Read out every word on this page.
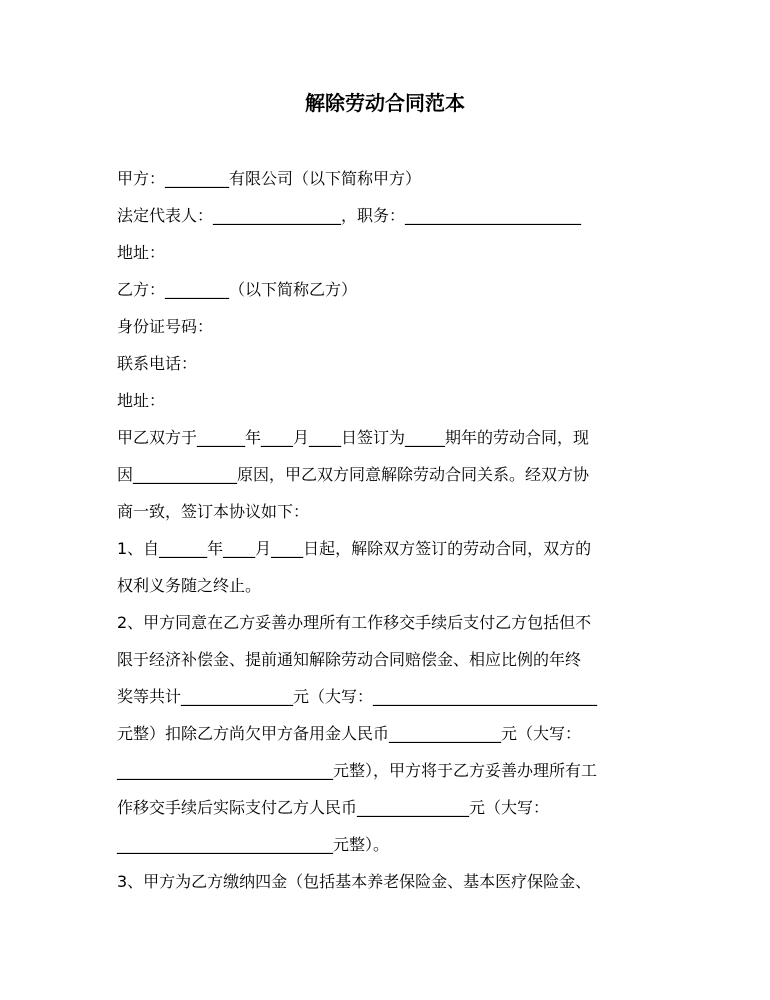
解除劳动合同范本
甲方：________有限公司（以下简称甲方）
法定代表人：________________，职务：______________________
地址：
乙方：________（以下简称乙方）
身份证号码：
联系电话：
地址：
甲乙双方于______年____月____日签订为_____期年的劳动合同，现
因_____________原因，甲乙双方同意解除劳动合同关系。经双方协
商一致，签订本协议如下：
1、自______年____月____日起，解除双方签订的劳动合同，双方的
权利义务随之终止。
2、甲方同意在乙方妥善办理所有工作移交手续后支付乙方包括但不
限于经济补偿金、提前通知解除劳动合同赔偿金、相应比例的年终
奖等共计______________元（大写：____________________________
元整）扣除乙方尚欠甲方备用金人民币______________元（大写：
___________________________元整），甲方将于乙方妥善办理所有工
作移交手续后实际支付乙方人民币______________元（大写：
___________________________元整）。
3、甲方为乙方缴纳四金（包括基本养老保险金、基本医疗保险金、
